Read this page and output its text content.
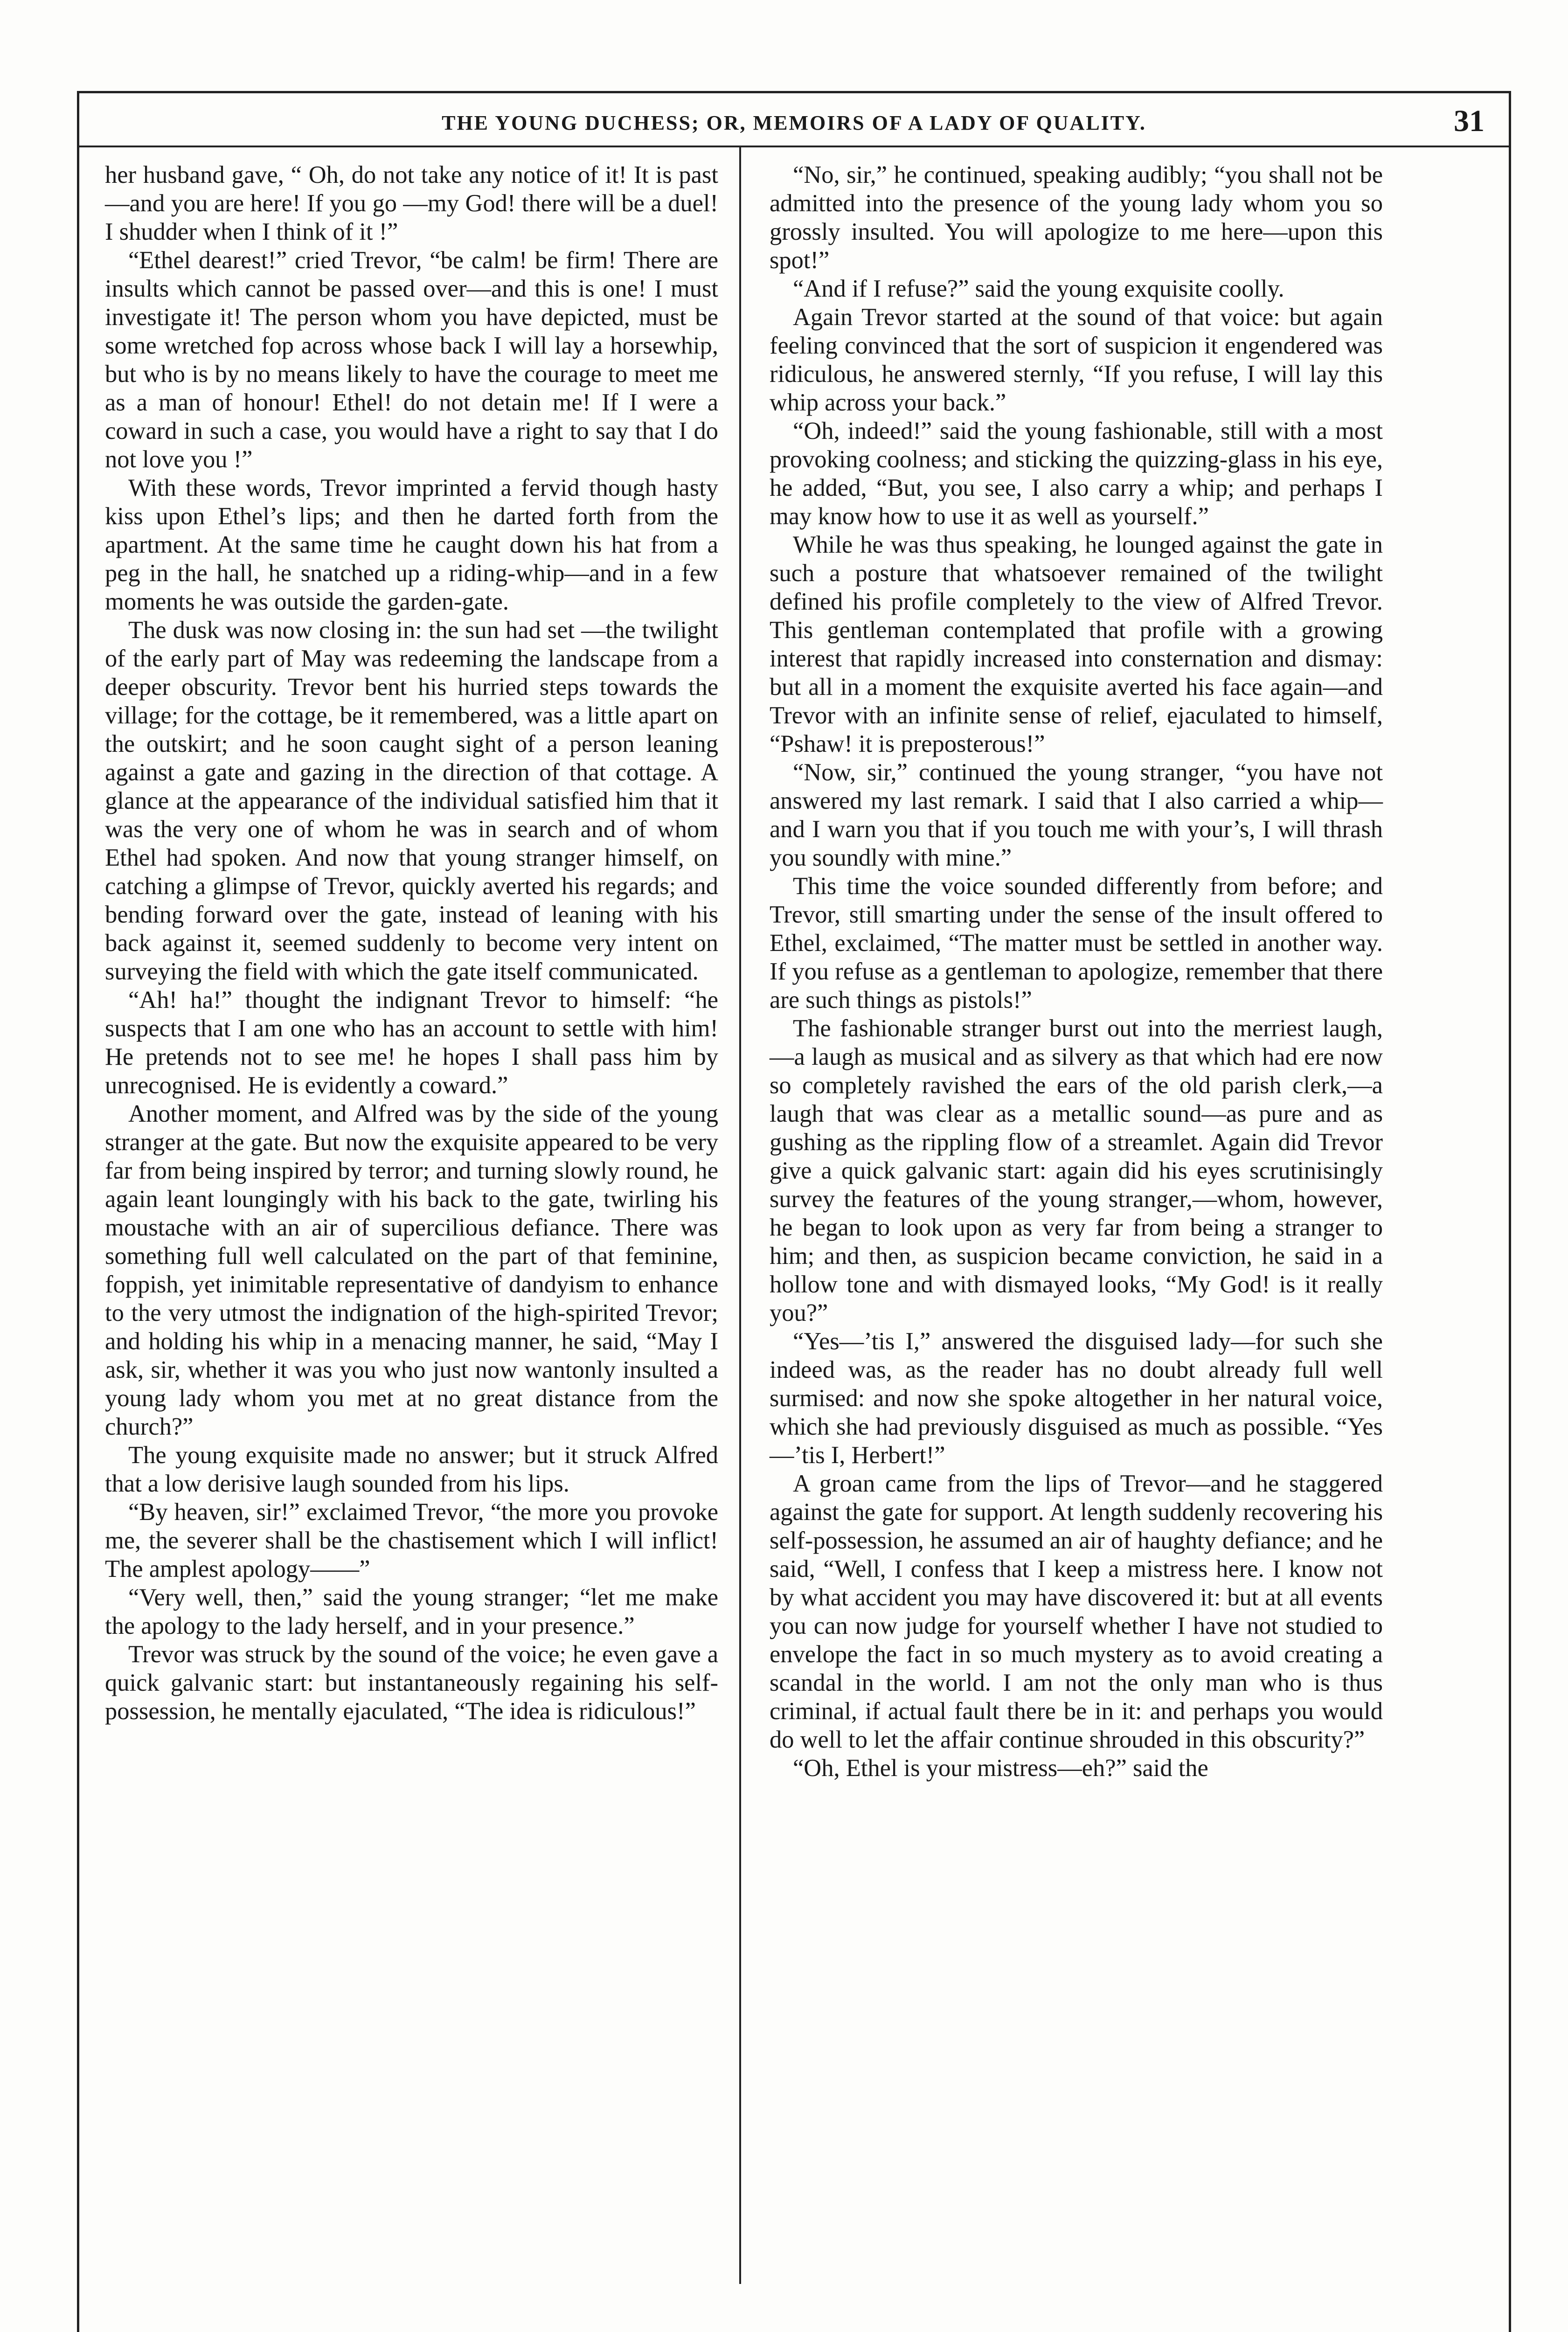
THE YOUNG DUCHESS; OR, MEMOIRS OF A LADY OF QUALITY.	31

her husband gave, “ Oh, do not take any notice of it! It is past—and you are here! If you go —my God! there will be a duel! I shudder when I think of it !”

“Ethel dearest!” cried Trevor, “be calm! be firm! There are insults which cannot be passed over—and this is one! I must investigate it! The person whom you have depicted, must be some wretched fop across whose back I will lay a horsewhip, but who is by no means likely to have the courage to meet me as a man of honour! Ethel! do not detain me! If I were a coward in such a case, you would have a right to say that I do not love you !”

With these words, Trevor imprinted a fervid though hasty kiss upon Ethel’s lips; and then he darted forth from the apartment. At the same time he caught down his hat from a peg in the hall, he snatched up a riding-whip—and in a few moments he was outside the garden-gate.

The dusk was now closing in: the sun had set —the twilight of the early part of May was redeeming the landscape from a deeper obscurity. Trevor bent his hurried steps towards the village; for the cottage, be it remembered, was a little apart on the outskirt; and he soon caught sight of a person leaning against a gate and gazing in the direction of that cottage. A glance at the appearance of the individual satisfied him that it was the very one of whom he was in search and of whom Ethel had spoken. And now that young stranger himself, on catching a glimpse of Trevor, quickly averted his regards; and bending forward over the gate, instead of leaning with his back against it, seemed suddenly to become very intent on surveying the field with which the gate itself communicated.

“Ah! ha!” thought the indignant Trevor to himself: “he suspects that I am one who has an account to settle with him! He pretends not to see me! he hopes I shall pass him by unrecognised. He is evidently a coward.”

Another moment, and Alfred was by the side of the young stranger at the gate. But now the exquisite appeared to be very far from being inspired by terror; and turning slowly round, he again leant loungingly with his back to the gate, twirling his moustache with an air of supercilious defiance. There was something full well calculated on the part of that feminine, foppish, yet inimitable representative of dandyism to enhance to the very utmost the indignation of the high-spirited Trevor; and holding his whip in a menacing manner, he said, “May I ask, sir, whether it was you who just now wantonly insulted a young lady whom you met at no great distance from the church?”

The young exquisite made no answer; but it struck Alfred that a low derisive laugh sounded from his lips.

“By heaven, sir!” exclaimed Trevor, “the more you provoke me, the severer shall be the chastisement which I will inflict! The amplest apology——”

“Very well, then,” said the young stranger; “let me make the apology to the lady herself, and in your presence.”

Trevor was struck by the sound of the voice; he even gave a quick galvanic start: but instantaneously regaining his self-possession, he mentally ejaculated, “The idea is ridiculous!”

“No, sir,” he continued, speaking audibly; “you shall not be admitted into the presence of the young lady whom you so grossly insulted. You will apologize to me here—upon this spot!”

“And if I refuse?” said the young exquisite coolly.

Again Trevor started at the sound of that voice: but again feeling convinced that the sort of suspicion it engendered was ridiculous, he answered sternly, “If you refuse, I will lay this whip across your back.”

“Oh, indeed!” said the young fashionable, still with a most provoking coolness; and sticking the quizzing-glass in his eye, he added, “But, you see, I also carry a whip; and perhaps I may know how to use it as well as yourself.”

While he was thus speaking, he lounged against the gate in such a posture that whatsoever remained of the twilight defined his profile completely to the view of Alfred Trevor. This gentleman contemplated that profile with a growing interest that rapidly increased into consternation and dismay: but all in a moment the exquisite averted his face again—and Trevor with an infinite sense of relief, ejaculated to himself, “Pshaw! it is preposterous!”

“Now, sir,” continued the young stranger, “you have not answered my last remark. I said that I also carried a whip—and I warn you that if you touch me with your’s, I will thrash you soundly with mine.”

This time the voice sounded differently from before; and Trevor, still smarting under the sense of the insult offered to Ethel, exclaimed, “The matter must be settled in another way. If you refuse as a gentleman to apologize, remember that there are such things as pistols!”

The fashionable stranger burst out into the merriest laugh,—a laugh as musical and as silvery as that which had ere now so completely ravished the ears of the old parish clerk,—a laugh that was clear as a metallic sound—as pure and as gushing as the rippling flow of a streamlet. Again did Trevor give a quick galvanic start: again did his eyes scrutinisingly survey the features of the young stranger,—whom, however, he began to look upon as very far from being a stranger to him; and then, as suspicion became conviction, he said in a hollow tone and with dismayed looks, “My God! is it really you?”

“Yes—’tis I,” answered the disguised lady—for such she indeed was, as the reader has no doubt already full well surmised: and now she spoke altogether in her natural voice, which she had previously disguised as much as possible. “Yes —’tis I, Herbert!”

A groan came from the lips of Trevor—and he staggered against the gate for support. At length suddenly recovering his self-possession, he assumed an air of haughty defiance; and he said, “Well, I confess that I keep a mistress here. I know not by what accident you may have discovered it: but at all events you can now judge for yourself whether I have not studied to envelope the fact in so much mystery as to avoid creating a scandal in the world. I am not the only man who is thus criminal, if actual fault there be in it: and perhaps you would do well to let the affair continue shrouded in this obscurity?”

“Oh, Ethel is your mistress—eh?” said the
